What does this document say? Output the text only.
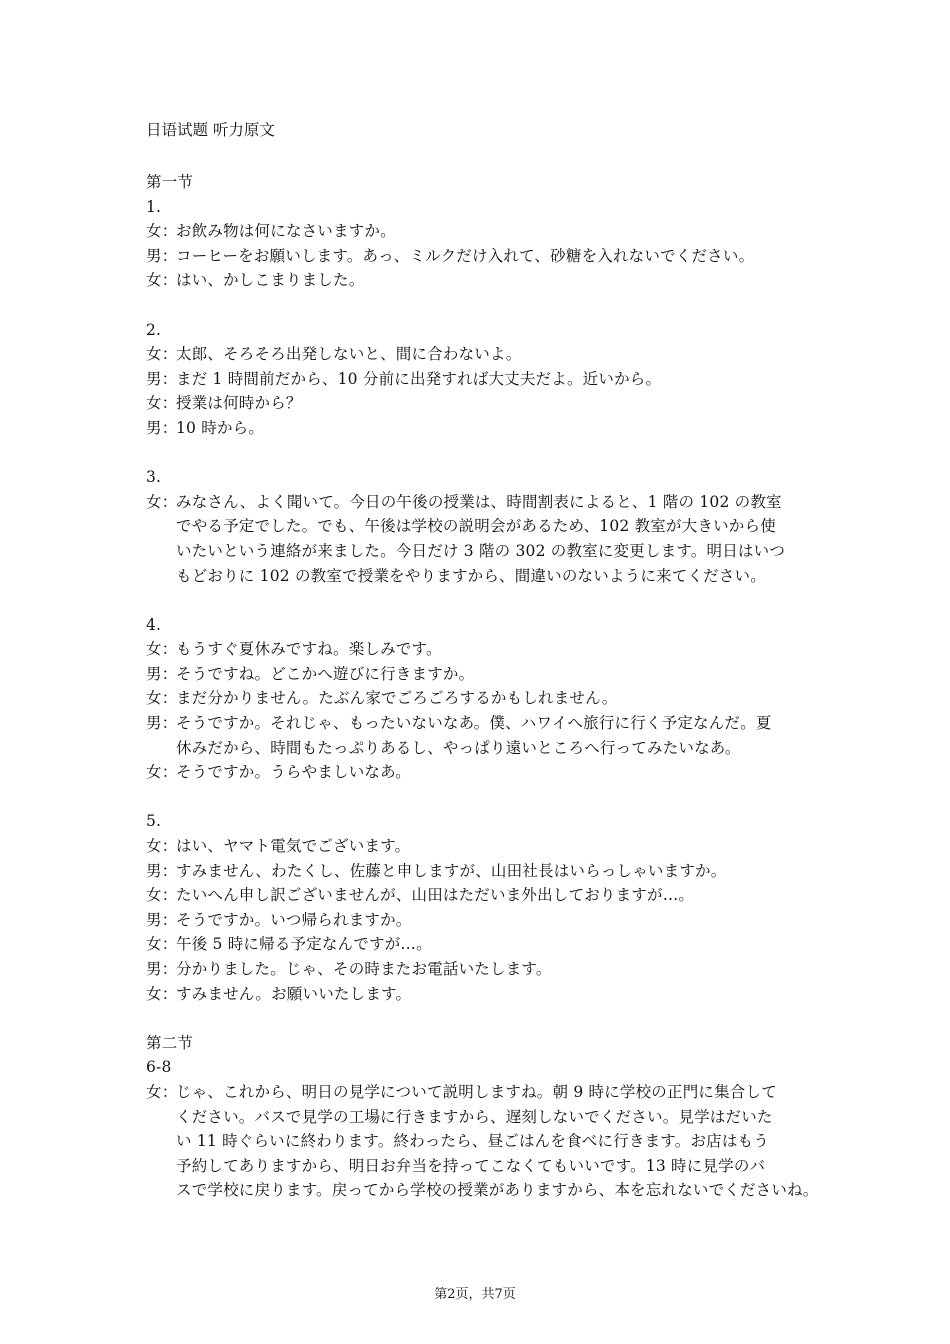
日语试题 听力原文
第一节
1.
女：お飲み物は何になさいますか。
男：コーヒーをお願いします。あっ、ミルクだけ入れて、砂糖を入れないでください。
女：はい、かしこまりました。
2.
女：太郎、そろそろ出発しないと、間に合わないよ。
男：まだ 1 時間前だから、10 分前に出発すれば大丈夫だよ。近いから。
女：授業は何時から？
男：10 時から。
3.
女：みなさん、よく聞いて。今日の午後の授業は、時間割表によると、1 階の 102 の教室
でやる予定でした。でも、午後は学校の説明会があるため、102 教室が大きいから使
いたいという連絡が来ました。今日だけ 3 階の 302 の教室に変更します。明日はいつ
もどおりに 102 の教室で授業をやりますから、間違いのないように来てください。
4.
女：もうすぐ夏休みですね。楽しみです。
男：そうですね。どこかへ遊びに行きますか。
女：まだ分かりません。たぶん家でごろごろするかもしれません。
男：そうですか。それじゃ、もったいないなあ。僕、ハワイへ旅行に行く予定なんだ。夏
休みだから、時間もたっぷりあるし、やっぱり遠いところへ行ってみたいなあ。
女：そうですか。うらやましいなあ。
5.
女：はい、ヤマト電気でございます。
男：すみません、わたくし、佐藤と申しますが、山田社長はいらっしゃいますか。
女：たいへん申し訳ございませんが、山田はただいま外出しておりますが…。
男：そうですか。いつ帰られますか。
女：午後 5 時に帰る予定なんですが…。
男：分かりました。じゃ、その時またお電話いたします。
女：すみません。お願いいたします。
第二节
6-8
女：じゃ、これから、明日の見学について説明しますね。朝 9 時に学校の正門に集合して
ください。バスで見学の工場に行きますから、遅刻しないでください。見学はだいた
い 11 時ぐらいに終わります。終わったら、昼ごはんを食べに行きます。お店はもう
予約してありますから、明日お弁当を持ってこなくてもいいです。13 時に見学のバ
スで学校に戻ります。戻ってから学校の授業がありますから、本を忘れないでくださいね。
第2页，共7页
